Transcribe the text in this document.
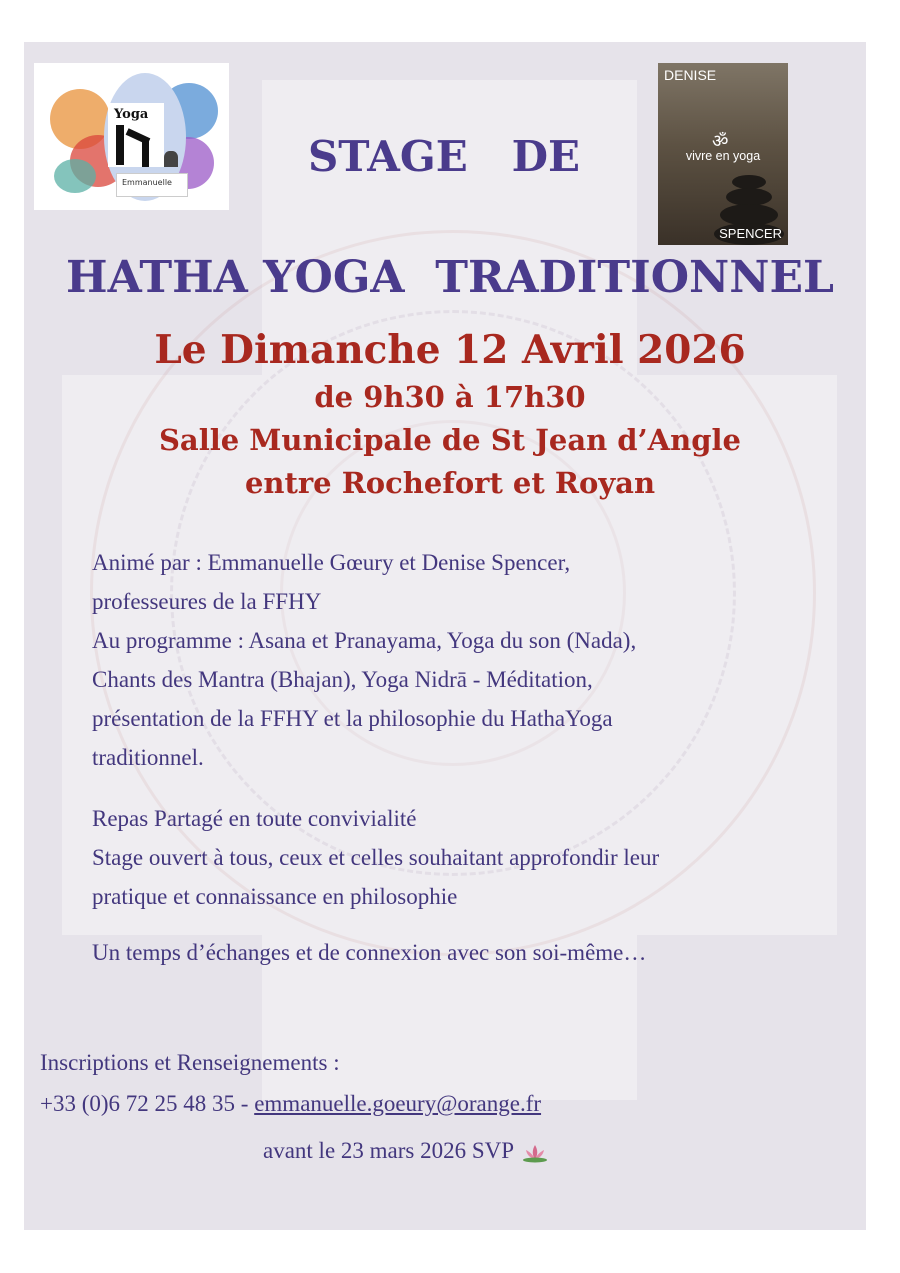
Yoga
Emmanuelle
DENISE
ॐ
vivre en yoga
SPENCER
STAGE   DE
HATHA YOGA  TRADITIONNEL
Le Dimanche 12 Avril 2026
de 9h30 à 17h30
Salle Municipale de St Jean d’Angle
entre Rochefort et Royan
Animé par : Emmanuelle Gœury et Denise Spencer,
professeures de la FFHY
Au programme : Asana et Pranayama, Yoga du son (Nada),
Chants des Mantra (Bhajan), Yoga Nidrā - Méditation,
présentation de la FFHY et la philosophie du HathaYoga
traditionnel.
Repas Partagé en toute convivialité
Stage ouvert à tous, ceux et celles souhaitant approfondir leur
pratique et connaissance en philosophie
Un temps d’échanges et de connexion avec son soi-même…
Inscriptions et Renseignements :
+33 (0)6 72 25 48 35 - emmanuelle.goeury@orange.fr
avant le 23 mars 2026 SVP
